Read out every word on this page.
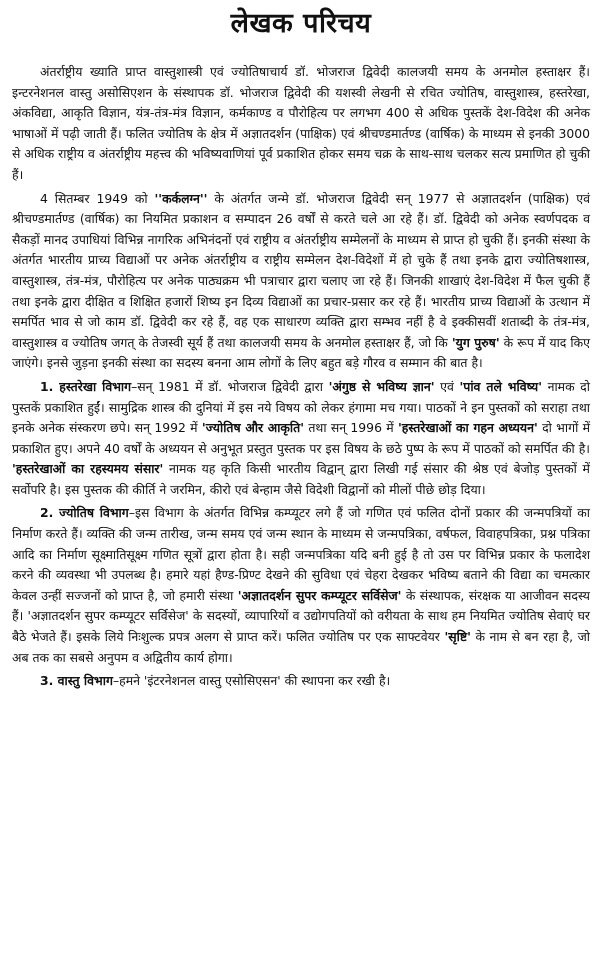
लेखक परिचय

अंतर्राष्ट्रीय ख्याति प्राप्त वास्तुशास्त्री एवं ज्योतिषाचार्य डॉ. भोजराज द्विवेदी कालजयी समय के अनमोल हस्ताक्षर हैं। इन्टरनेशनल वास्तु असोसिएशन के संस्थापक डॉ. भोजराज द्विवेदी की यशस्वी लेखनी से रचित ज्योतिष, वास्तुशास्त्र, हस्तरेखा, अंकविद्या, आकृति विज्ञान, यंत्र-तंत्र-मंत्र विज्ञान, कर्मकाण्ड व पौरोहित्य पर लगभग 400 से अधिक पुस्तकें देश-विदेश की अनेक भाषाओं में पढ़ी जाती हैं। फलित ज्योतिष के क्षेत्र में अज्ञातदर्शन (पाक्षिक) एवं श्रीचण्डमार्तण्ड (वार्षिक) के माध्यम से इनकी 3000 से अधिक राष्ट्रीय व अंतर्राष्ट्रीय महत्त्व की भविष्यवाणियां पूर्व प्रकाशित होकर समय चक्र के साथ-साथ चलकर सत्य प्रमाणित हो चुकी हैं।

4 सितम्बर 1949 को ''कर्कलग्न'' के अंतर्गत जन्मे डॉ. भोजराज द्विवेदी सन् 1977 से अज्ञातदर्शन (पाक्षिक) एवं श्रीचण्डमार्तण्ड (वार्षिक) का नियमित प्रकाशन व सम्पादन 26 वर्षों से करते चले आ रहे हैं। डॉ. द्विवेदी को अनेक स्वर्णपदक व सैकड़ों मानद उपाधियां विभिन्न नागरिक अभिनंदनों एवं राष्ट्रीय व अंतर्राष्ट्रीय सम्मेलनों के माध्यम से प्राप्त हो चुकी हैं। इनकी संस्था के अंतर्गत भारतीय प्राच्य विद्याओं पर अनेक अंतर्राष्ट्रीय व राष्ट्रीय सम्मेलन देश-विदेशों में हो चुके हैं तथा इनके द्वारा ज्योतिषशास्त्र, वास्तुशास्त्र, तंत्र-मंत्र, पौरोहित्य पर अनेक पाठ्यक्रम भी पत्राचार द्वारा चलाए जा रहे हैं। जिनकी शाखाएं देश-विदेश में फैल चुकी हैं तथा इनके द्वारा दीक्षित व शिक्षित हजारों शिष्य इन दिव्य विद्याओं का प्रचार-प्रसार कर रहे हैं। भारतीय प्राच्य विद्याओं के उत्थान में समर्पित भाव से जो काम डॉ. द्विवेदी कर रहे हैं, वह एक साधारण व्यक्ति द्वारा सम्भव नहीं है वे इक्कीसवीं शताब्दी के तंत्र-मंत्र, वास्तुशास्त्र व ज्योतिष जगत् के तेजस्वी सूर्य हैं तथा कालजयी समय के अनमोल हस्ताक्षर हैं, जो कि 'युग पुरुष' के रूप में याद किए जाएंगे। इनसे जुड़ना इनकी संस्था का सदस्य बनना आम लोगों के लिए बहुत बड़े गौरव व सम्मान की बात है।

1. हस्तरेखा विभाग–सन् 1981 में डॉ. भोजराज द्विवेदी द्वारा 'अंगुष्ठ से भविष्य ज्ञान' एवं 'पांव तले भविष्य' नामक दो पुस्तकें प्रकाशित हुईं। सामुद्रिक शास्त्र की दुनियां में इस नये विषय को लेकर हंगामा मच गया। पाठकों ने इन पुस्तकों को सराहा तथा इनके अनेक संस्करण छपे। सन् 1992 में 'ज्योतिष और आकृति' तथा सन् 1996 में 'हस्तरेखाओं का गहन अध्ययन' दो भागों में प्रकाशित हुए। अपने 40 वर्षों के अध्ययन से अनुभूत प्रस्तुत पुस्तक पर इस विषय के छठे पुष्प के रूप में पाठकों को समर्पित की है। 'हस्तरेखाओं का रहस्यमय संसार' नामक यह कृति किसी भारतीय विद्वान् द्वारा लिखी गई संसार की श्रेष्ठ एवं बेजोड़ पुस्तकों में सर्वोपरि है। इस पुस्तक की कीर्ति ने जरमिन, कीरो एवं बेन्हाम जैसे विदेशी विद्वानों को मीलों पीछे छोड़ दिया।

2. ज्योतिष विभाग–इस विभाग के अंतर्गत विभिन्न कम्प्यूटर लगे हैं जो गणित एवं फलित दोनों प्रकार की जन्मपत्रियों का निर्माण करते हैं। व्यक्ति की जन्म तारीख, जन्म समय एवं जन्म स्थान के माध्यम से जन्मपत्रिका, वर्षफल, विवाहपत्रिका, प्रश्न पत्रिका आदि का निर्माण सूक्ष्मातिसूक्ष्म गणित सूत्रों द्वारा होता है। सही जन्मपत्रिका यदि बनी हुई है तो उस पर विभिन्न प्रकार के फलादेश करने की व्यवस्था भी उपलब्ध है। हमारे यहां हैण्ड-प्रिण्ट देखने की सुविधा एवं चेहरा देखकर भविष्य बताने की विद्या का चमत्कार केवल उन्हीं सज्जनों को प्राप्त है, जो हमारी संस्था 'अज्ञातदर्शन सुपर कम्प्यूटर सर्विसेज' के संस्थापक, संरक्षक या आजीवन सदस्य हैं। 'अज्ञातदर्शन सुपर कम्प्यूटर सर्विसेज' के सदस्यों, व्यापारियों व उद्योगपतियों को वरीयता के साथ हम नियमित ज्योतिष सेवाएं घर बैठे भेजते हैं। इसके लिये निःशुल्क प्रपत्र अलग से प्राप्त करें। फलित ज्योतिष पर एक साफ्टवेयर 'सृष्टि' के नाम से बन रहा है, जो अब तक का सबसे अनुपम व अद्वितीय कार्य होगा।

3. वास्तु विभाग–हमने 'इंटरनेशनल वास्तु एसोसिएसन' की स्थापना कर रखी है।
